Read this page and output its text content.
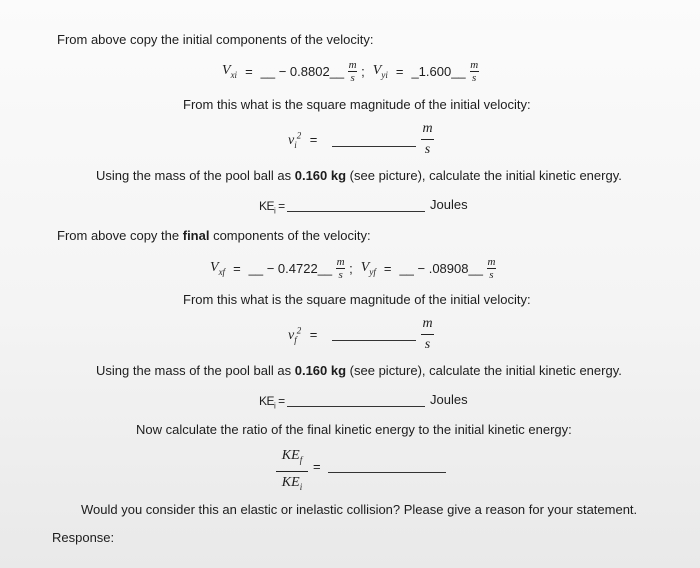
From above copy the initial components of the velocity:
$V_{xi}$ = __ − 0.8802__ $\frac{m}{s}$ ; $V_{yi}$ = _1.600__ $\frac{m}{s}$
From this what is the square magnitude of the initial velocity:
$v_i^2$ =
m
s
Using the mass of the pool ball as 0.160 kg (see picture), calculate the initial kinetic energy.
$KE_i$ =	Joules
From above copy the final components of the velocity:
$V_{xf}$ = __ − 0.4722__ $\frac{m}{s}$ ; $V_{yf}$ = __ − .08908__ $\frac{m}{s}$
From this what is the square magnitude of the initial velocity:
$v_f^2$ =
m
s
Using the mass of the pool ball as 0.160 kg (see picture), calculate the initial kinetic energy.
$KE_i$ =	Joules
Now calculate the ratio of the final kinetic energy to the initial kinetic energy:
$KE_f$
$KE_i$
=
Would you consider this an elastic or inelastic collision? Please give a reason for your statement.
Response:
